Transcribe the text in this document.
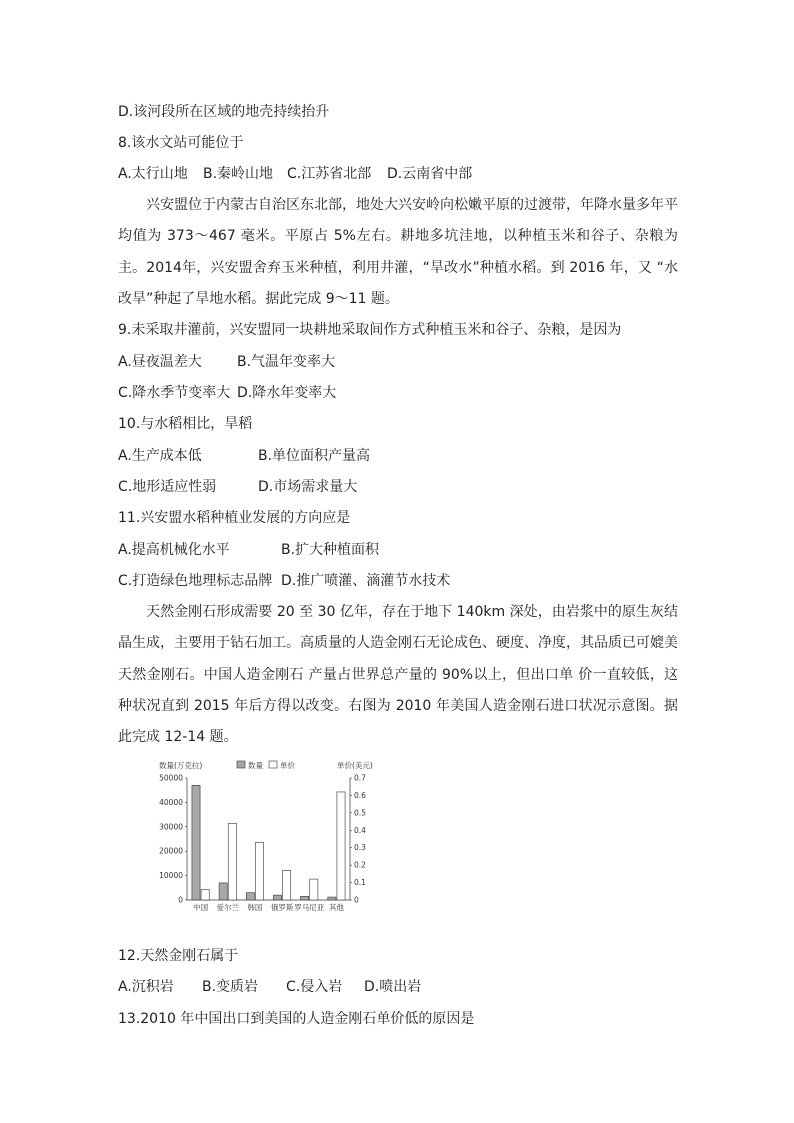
D.该河段所在区域的地壳持续抬升
8.该水文站可能位于
A.太行山地 B.秦岭山地 C.江苏省北部 D.云南省中部
兴安盟位于内蒙古自治区东北部，地处大兴安岭向松嫩平原的过渡带，年降水量多年平均值为 373～467 毫米。平原占 5%左右。耕地多坑洼地，以种植玉米和谷子、杂粮为主。2014年，兴安盟舍弃玉米种植，利用井灌，“旱改水”种植水稻。到 2016 年，又 “水改旱”种起了旱地水稻。据此完成 9～11 题。
9.未采取井灌前，兴安盟同一块耕地采取间作方式种植玉米和谷子、杂粮，是因为
A.昼夜温差大	B.气温年变率大
C.降水季节变率大 D.降水年变率大
10.与水稻相比，旱稻
A.生产成本低	B.单位面积产量高
C.地形适应性弱	D.市场需求量大
11.兴安盟水稻种植业发展的方向应是
A.提高机械化水平	B.扩大种植面积
C.打造绿色地理标志品牌 D.推广喷灌、滴灌节水技术
天然金刚石形成需要 20 至 30 亿年，存在于地下 140km 深处，由岩浆中的原生灰结晶生成，主要用于钻石加工。高质量的人造金刚石无论成色、硬度、净度，其品质已可媲美天然金刚石。中国人造金刚石 产量占世界总产量的 90%以上，但出口单 价一直较低，这种状况直到 2015 年后方得以改变。右图为 2010 年美国人造金刚石进口状况示意图。据此完成 12-14 题。
数量(万克拉)	数量 单价	单价(美元)
0
10000
20000
30000
40000
50000
0
0.1
0.2
0.3
0.4
0.5
0.6
0.7
中国 爱尔兰 韩国 俄罗斯 罗马尼亚 其他
12.天然金刚石属于
A.沉积岩 B.变质岩 C.侵入岩 D.喷出岩
13.2010 年中国出口到美国的人造金刚石单价低的原因是
